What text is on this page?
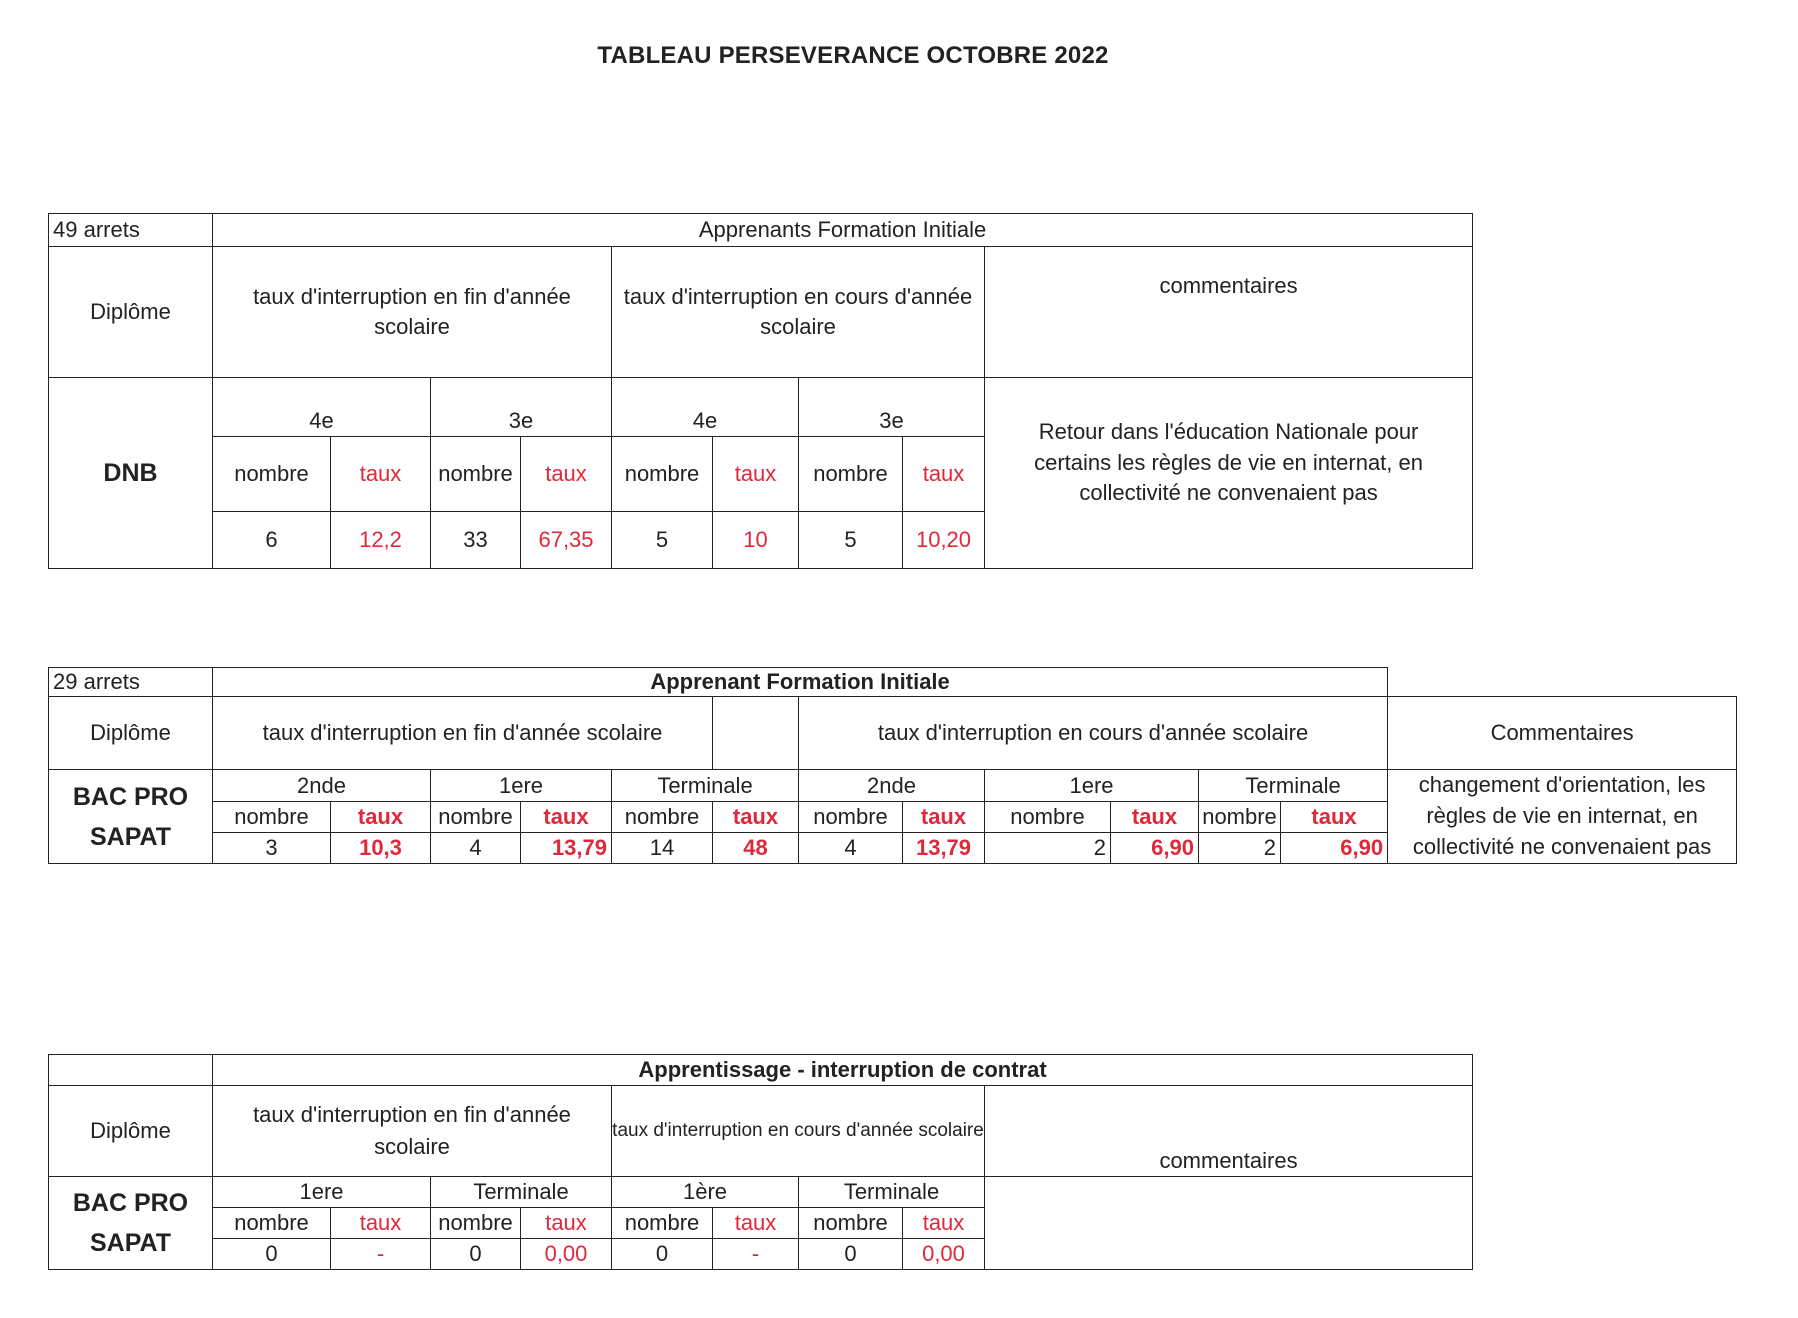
TABLEAU PERSEVERANCE OCTOBRE 2022
49 arrets	Apprenants Formation Initiale								
Diplôme	taux d'interruption en fin d'année scolaire				taux d'interruption en cours d'année scolaire				commentaires
DNB	4e		3e		4e		3e		Retour dans l'éducation Nationale pour certains les règles de vie en internat, en collectivité ne convenaient pas
	nombre	taux	nombre	taux	nombre	taux	nombre	taux	
	6	12,2	33	67,35	5	10	5	10,20	
29 arrets	Apprenant Formation Initiale												
Diplôme	taux d'interruption en fin d'année scolaire						taux d'interruption en cours d'année scolaire						Commentaires
BAC PRO
SAPAT	2nde		1ere		Terminale		2nde		1ere		Terminale		changement d'orientation, les règles de vie en internat, en collectivité ne convenaient pas
	nombre	taux	nombre	taux	nombre	taux	nombre	taux	nombre	taux	nombre	taux	
	3	10,3	4	13,79	14	48	4	13,79	2	6,90	2	6,90	
	Apprentissage - interruption de contrat								
Diplôme	taux d'interruption en fin d'année scolaire				taux d'interruption en cours d'année scolaire				commentaires
BAC PRO
SAPAT	1ere		Terminale		1ère		Terminale		
	nombre	taux	nombre	taux	nombre	taux	nombre	taux	
	0	-	0	0,00	0	-	0	0,00	
